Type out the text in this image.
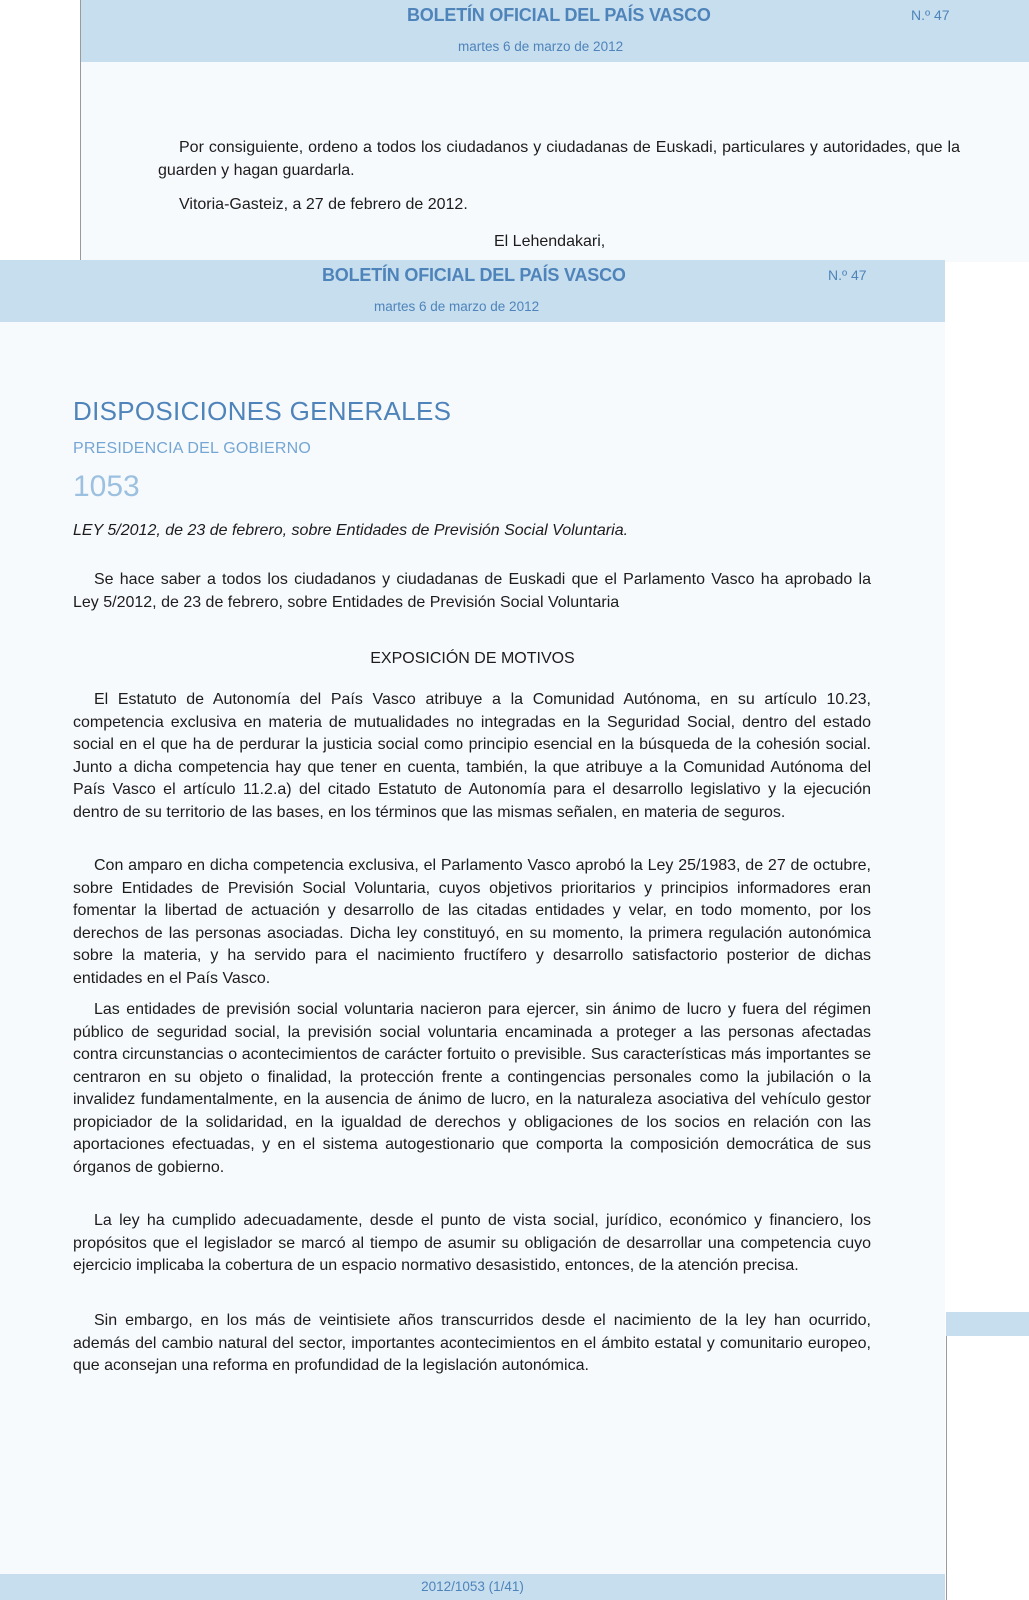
BOLETÍN OFICIAL DEL PAÍS VASCO	N.º 47
martes 6 de marzo de 2012

Por consiguiente, ordeno a todos los ciudadanos y ciudadanas de Euskadi, particulares y autoridades, que la guarden y hagan guardarla.

Vitoria-Gasteiz, a 27 de febrero de 2012.
El Lehendakari,
BOLETÍN OFICIAL DEL PAÍS VASCO	N.º 47
martes 6 de marzo de 2012
DISPOSICIONES GENERALES
PRESIDENCIA DEL GOBIERNO
1053
LEY 5/2012, de 23 de febrero, sobre Entidades de Previsión Social Voluntaria.

Se hace saber a todos los ciudadanos y ciudadanas de Euskadi que el Parlamento Vasco ha aprobado la Ley 5/2012, de 23 de febrero, sobre Entidades de Previsión Social Voluntaria

EXPOSICIÓN DE MOTIVOS

El Estatuto de Autonomía del País Vasco atribuye a la Comunidad Autónoma, en su artículo 10.23, competencia exclusiva en materia de mutualidades no integradas en la Seguridad Social, dentro del estado social en el que ha de perdurar la justicia social como principio esencial en la búsqueda de la cohesión social. Junto a dicha competencia hay que tener en cuenta, también, la que atribuye a la Comunidad Autónoma del País Vasco el artículo 11.2.a) del citado Estatuto de Autonomía para el desarrollo legislativo y la ejecución dentro de su territorio de las bases, en los términos que las mismas señalen, en materia de seguros.

Con amparo en dicha competencia exclusiva, el Parlamento Vasco aprobó la Ley 25/1983, de 27 de octubre, sobre Entidades de Previsión Social Voluntaria, cuyos objetivos prioritarios y principios informadores eran fomentar la libertad de actuación y desarrollo de las citadas entidades y velar, en todo momento, por los derechos de las personas asociadas. Dicha ley constituyó, en su momento, la primera regulación autonómica sobre la materia, y ha servido para el nacimiento fructífero y desarrollo satisfactorio posterior de dichas entidades en el País Vasco.

Las entidades de previsión social voluntaria nacieron para ejercer, sin ánimo de lucro y fuera del régimen público de seguridad social, la previsión social voluntaria encaminada a proteger a las personas afectadas contra circunstancias o acontecimientos de carácter fortuito o previsible. Sus características más importantes se centraron en su objeto o finalidad, la protección frente a contingencias personales como la jubilación o la invalidez fundamentalmente, en la ausencia de ánimo de lucro, en la naturaleza asociativa del vehículo gestor propiciador de la solidaridad, en la igualdad de derechos y obligaciones de los socios en relación con las aportaciones efectuadas, y en el sistema autogestionario que comporta la composición democrática de sus órganos de gobierno.

La ley ha cumplido adecuadamente, desde el punto de vista social, jurídico, económico y financiero, los propósitos que el legislador se marcó al tiempo de asumir su obligación de desarrollar una competencia cuyo ejercicio implicaba la cobertura de un espacio normativo desasistido, entonces, de la atención precisa.

Sin embargo, en los más de veintisiete años transcurridos desde el nacimiento de la ley han ocurrido, además del cambio natural del sector, importantes acontecimientos en el ámbito estatal y comunitario europeo, que aconsejan una reforma en profundidad de la legislación autonómica.

2012/1053 (1/41)
